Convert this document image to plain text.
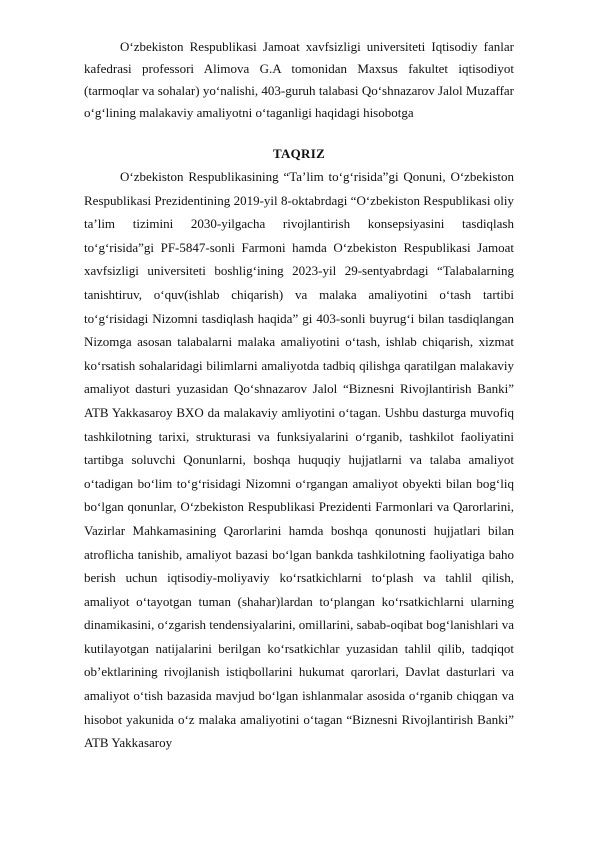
O‘zbekiston Respublikasi Jamoat xavfsizligi universiteti Iqtisodiy fanlar kafedrasi professori Alimova G.A tomonidan Maxsus fakultet iqtisodiyot (tarmoqlar va sohalar) yo‘nalishi, 403-guruh talabasi Qo‘shnazarov Jalol Muzaffar o‘g‘lining malakaviy amaliyotni o‘taganligi haqidagi hisobotga

TAQRIZ

O‘zbekiston Respublikasining “Ta’lim to‘g‘risida”gi Qonuni, O‘zbekiston Respublikasi Prezidentining 2019-yil 8-oktabrdagi “O‘zbekiston Respublikasi oliy ta’lim tizimini 2030-yilgacha rivojlantirish konsepsiyasini tasdiqlash to‘g‘risida”gi PF-5847-sonli Farmoni hamda O‘zbekiston Respublikasi Jamoat xavfsizligi universiteti boshlig‘ining 2023-yil 29-sentyabrdagi “Talabalarning tanishtiruv, o‘quv(ishlab chiqarish) va malaka amaliyotini o‘tash tartibi to‘g‘risidagi Nizomni tasdiqlash haqida” gi 403-sonli buyrug‘i bilan tasdiqlangan Nizomga asosan talabalarni malaka amaliyotini o‘tash, ishlab chiqarish, xizmat ko‘rsatish sohalaridagi bilimlarni amaliyotda tadbiq qilishga qaratilgan malakaviy amaliyot dasturi yuzasidan Qo‘shnazarov Jalol “Biznesni Rivojlantirish Banki” ATB Yakkasaroy BXO da malakaviy amliyotini o‘tagan. Ushbu dasturga muvofiq tashkilotning tarixi, strukturasi va funksiyalarini o‘rganib, tashkilot faoliyatini tartibga soluvchi Qonunlarni, boshqa huquqiy hujjatlarni va talaba amaliyot o‘tadigan bo‘lim to‘g‘risidagi Nizomni o‘rgangan amaliyot obyekti bilan bog‘liq bo‘lgan qonunlar, O‘zbekiston Respublikasi Prezidenti Farmonlari va Qarorlarini, Vazirlar Mahkamasining Qarorlarini hamda boshqa qonunosti hujjatlari bilan atroflicha tanishib, amaliyot bazasi bo‘lgan bankda tashkilotning faoliyatiga baho berish uchun iqtisodiy-moliyaviy ko‘rsatkichlarni to‘plash va tahlil qilish, amaliyot o‘tayotgan tuman (shahar)lardan to‘plangan ko‘rsatkichlarni ularning dinamikasini, o‘zgarish tendensiyalarini, omillarini, sabab-oqibat bog‘lanishlari va kutilayotgan natijalarini berilgan ko‘rsatkichlar yuzasidan tahlil qilib, tadqiqot ob’ektlarining rivojlanish istiqbollarini hukumat qarorlari, Davlat dasturlari va amaliyot o‘tish bazasida mavjud bo‘lgan ishlanmalar asosida o‘rganib chiqgan va hisobot yakunida o‘z malaka amaliyotini o‘tagan “Biznesni Rivojlantirish Banki” ATB Yakkasaroy
